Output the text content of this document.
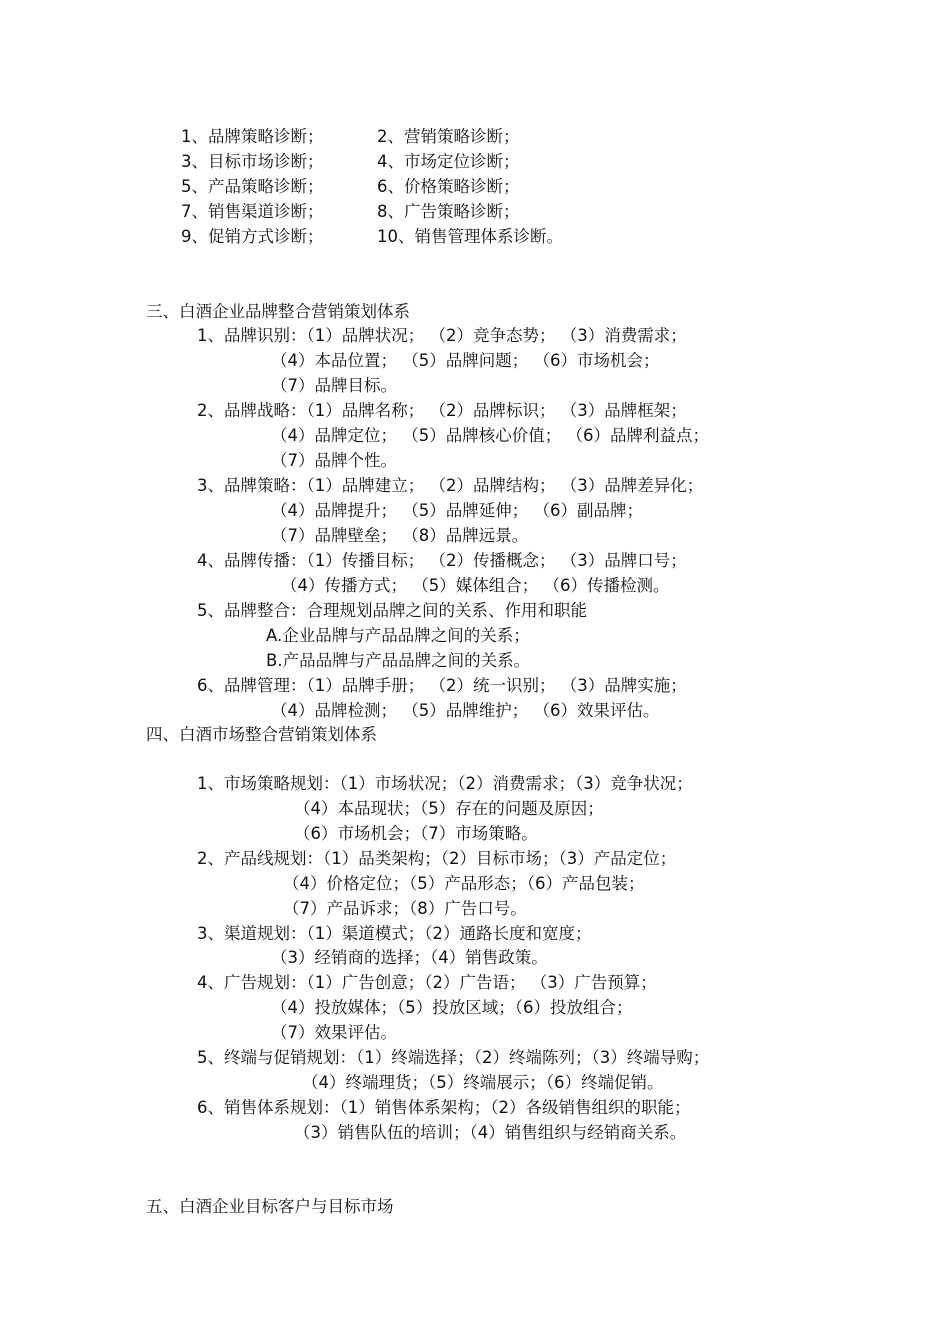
1、品牌策略诊断；	2、营销策略诊断；
3、目标市场诊断；	4、市场定位诊断；
5、产品策略诊断；	6、价格策略诊断；
7、销售渠道诊断；	8、广告策略诊断；
9、促销方式诊断；	10、销售管理体系诊断。
三、白酒企业品牌整合营销策划体系
1、品牌识别：（1）品牌状况； （2）竞争态势； （3）消费需求；
（4）本品位置； （5）品牌问题； （6）市场机会；
（7）品牌目标。
2、品牌战略：（1）品牌名称； （2）品牌标识； （3）品牌框架；
（4）品牌定位； （5）品牌核心价值； （6）品牌利益点；
（7）品牌个性。
3、品牌策略：（1）品牌建立； （2）品牌结构； （3）品牌差异化；
（4）品牌提升； （5）品牌延伸； （6）副品牌；
（7）品牌壁垒； （8）品牌远景。
4、品牌传播：（1）传播目标； （2）传播概念； （3）品牌口号；
（4）传播方式； （5）媒体组合； （6）传播检测。
5、品牌整合：合理规划品牌之间的关系、作用和职能
A.企业品牌与产品品牌之间的关系；
B.产品品牌与产品品牌之间的关系。
6、品牌管理：（1）品牌手册； （2）统一识别； （3）品牌实施；
（4）品牌检测； （5）品牌维护； （6）效果评估。
四、白酒市场整合营销策划体系
1、市场策略规划：（1）市场状况；（2）消费需求；（3）竞争状况；
（4）本品现状；（5）存在的问题及原因；
（6）市场机会；（7）市场策略。
2、产品线规划：（1）品类架构；（2）目标市场；（3）产品定位；
（4）价格定位；（5）产品形态；（6）产品包装；
（7）产品诉求；（8）广告口号。
3、渠道规划：（1）渠道模式；（2）通路长度和宽度；
（3）经销商的选择；（4）销售政策。
4、广告规划：（1）广告创意；（2）广告语； （3）广告预算；
（4）投放媒体；（5）投放区域；（6）投放组合；
（7）效果评估。
5、终端与促销规划：（1）终端选择；（2）终端陈列；（3）终端导购；
（4）终端理货；（5）终端展示；（6）终端促销。
6、销售体系规划：（1）销售体系架构；（2）各级销售组织的职能；
（3）销售队伍的培训；（4）销售组织与经销商关系。
五、白酒企业目标客户与目标市场
